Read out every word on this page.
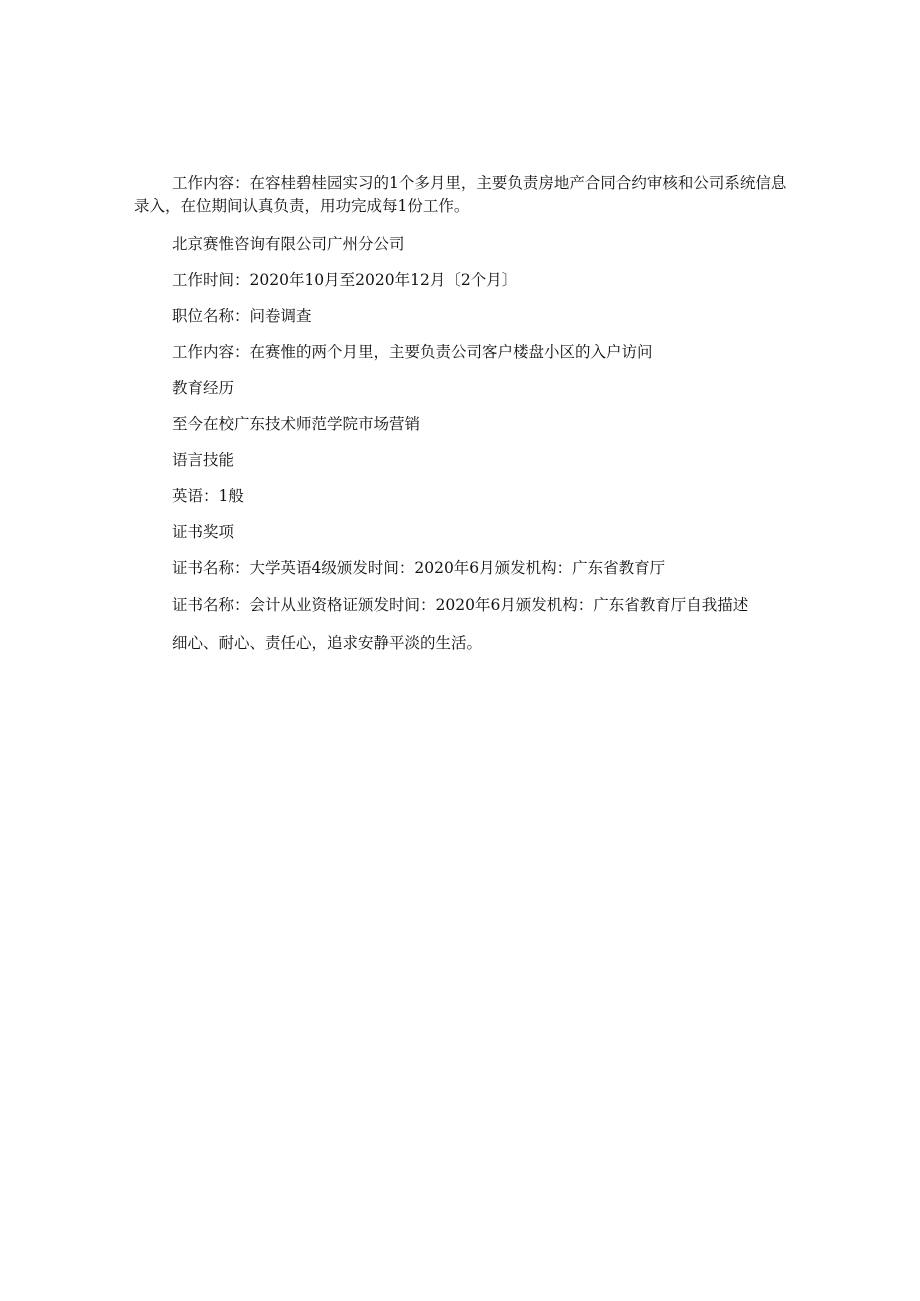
工作内容：在容桂碧桂园实习的1个多月里，主要负责房地产合同合约审核和公司系统信息录入，在位期间认真负责，用功完成每1份工作。

北京赛惟咨询有限公司广州分公司

工作时间：2020年10月至2020年12月〔2个月〕

职位名称：问卷调查

工作内容：在赛惟的两个月里，主要负责公司客户楼盘小区的入户访问

教育经历

至今在校广东技术师范学院市场营销

语言技能

英语：1般

证书奖项

证书名称：大学英语4级颁发时间：2020年6月颁发机构：广东省教育厅

证书名称：会计从业资格证颁发时间：2020年6月颁发机构：广东省教育厅自我描述

细心、耐心、责任心，追求安静平淡的生活。
